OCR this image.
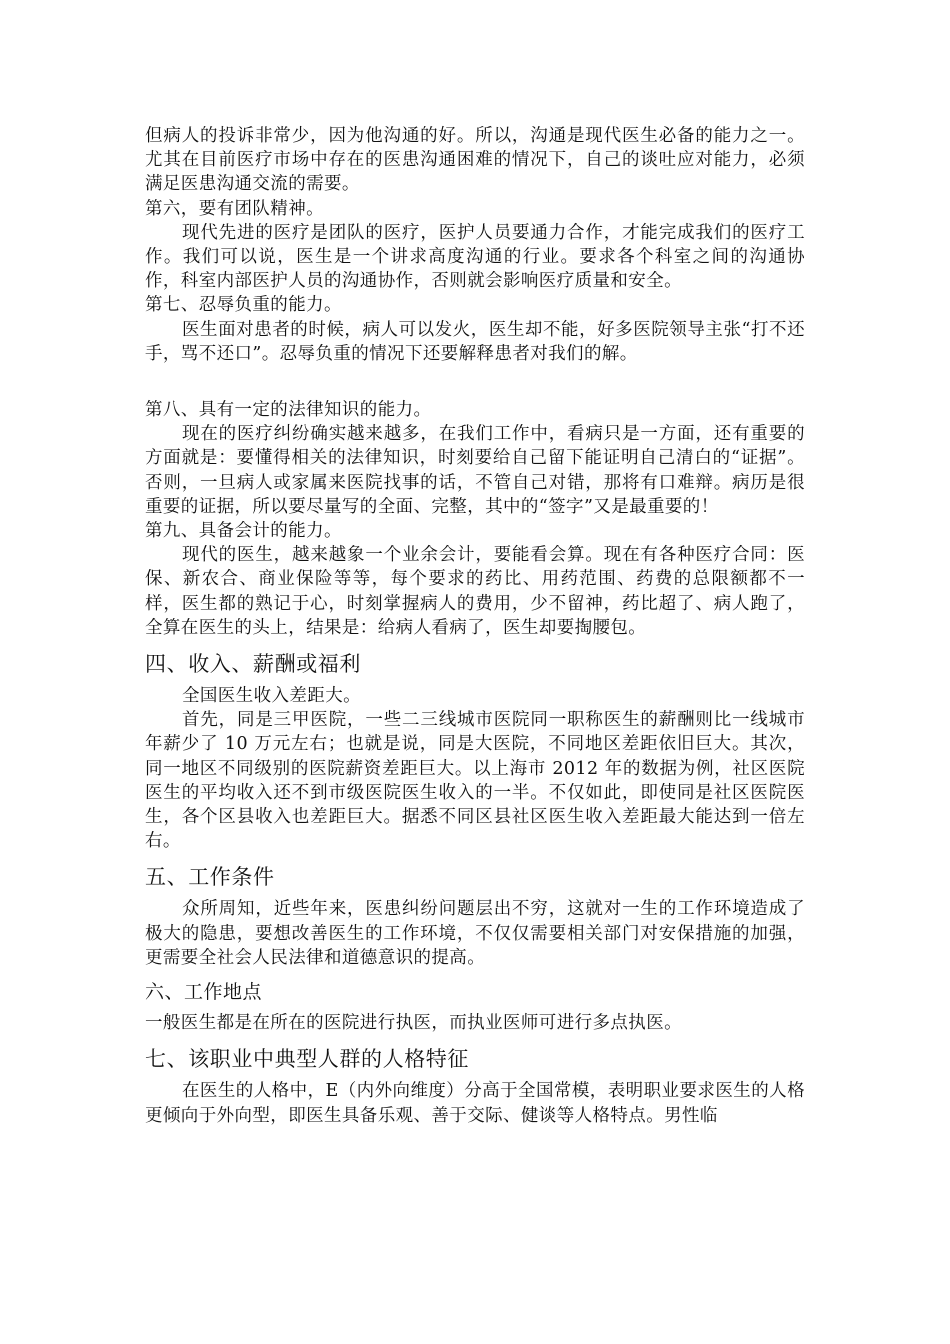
但病人的投诉非常少，因为他沟通的好。所以，沟通是现代医生必备的能力之一。尤其在目前医疗市场中存在的医患沟通困难的情况下，自己的谈吐应对能力，必须满足医患沟通交流的需要。

第六，要有团队精神。

现代先进的医疗是团队的医疗，医护人员要通力合作，才能完成我们的医疗工作。我们可以说，医生是一个讲求高度沟通的行业。要求各个科室之间的沟通协作，科室内部医护人员的沟通协作，否则就会影响医疗质量和安全。

第七、忍辱负重的能力。

医生面对患者的时候，病人可以发火，医生却不能，好多医院领导主张“打不还手，骂不还口”。忍辱负重的情况下还要解释患者对我们的解。

第八、具有一定的法律知识的能力。

现在的医疗纠纷确实越来越多，在我们工作中，看病只是一方面，还有重要的方面就是：要懂得相关的法律知识，时刻要给自己留下能证明自己清白的“证据”。否则，一旦病人或家属来医院找事的话，不管自己对错，那将有口难辩。病历是很重要的证据，所以要尽量写的全面、完整，其中的“签字”又是最重要的！

第九、具备会计的能力。

现代的医生，越来越象一个业余会计，要能看会算。现在有各种医疗合同：医保、新农合、商业保险等等，每个要求的药比、用药范围、药费的总限额都不一样，医生都的熟记于心，时刻掌握病人的费用，少不留神，药比超了、病人跑了，全算在医生的头上，结果是：给病人看病了，医生却要掏腰包。

四、收入、薪酬或福利

全国医生收入差距大。

首先，同是三甲医院，一些二三线城市医院同一职称医生的薪酬则比一线城市年薪少了 10 万元左右；也就是说，同是大医院，不同地区差距依旧巨大。其次，同一地区不同级别的医院薪资差距巨大。以上海市 2012 年的数据为例，社区医院医生的平均收入还不到市级医院医生收入的一半。不仅如此，即使同是社区医院医生，各个区县收入也差距巨大。据悉不同区县社区医生收入差距最大能达到一倍左右。

五、工作条件

众所周知，近些年来，医患纠纷问题层出不穷，这就对一生的工作环境造成了极大的隐患，要想改善医生的工作环境，不仅仅需要相关部门对安保措施的加强，更需要全社会人民法律和道德意识的提高。

六、工作地点

一般医生都是在所在的医院进行执医，而执业医师可进行多点执医。

七、该职业中典型人群的人格特征

在医生的人格中，E（内外向维度）分高于全国常模，表明职业要求医生的人格更倾向于外向型，即医生具备乐观、善于交际、健谈等人格特点。男性临
